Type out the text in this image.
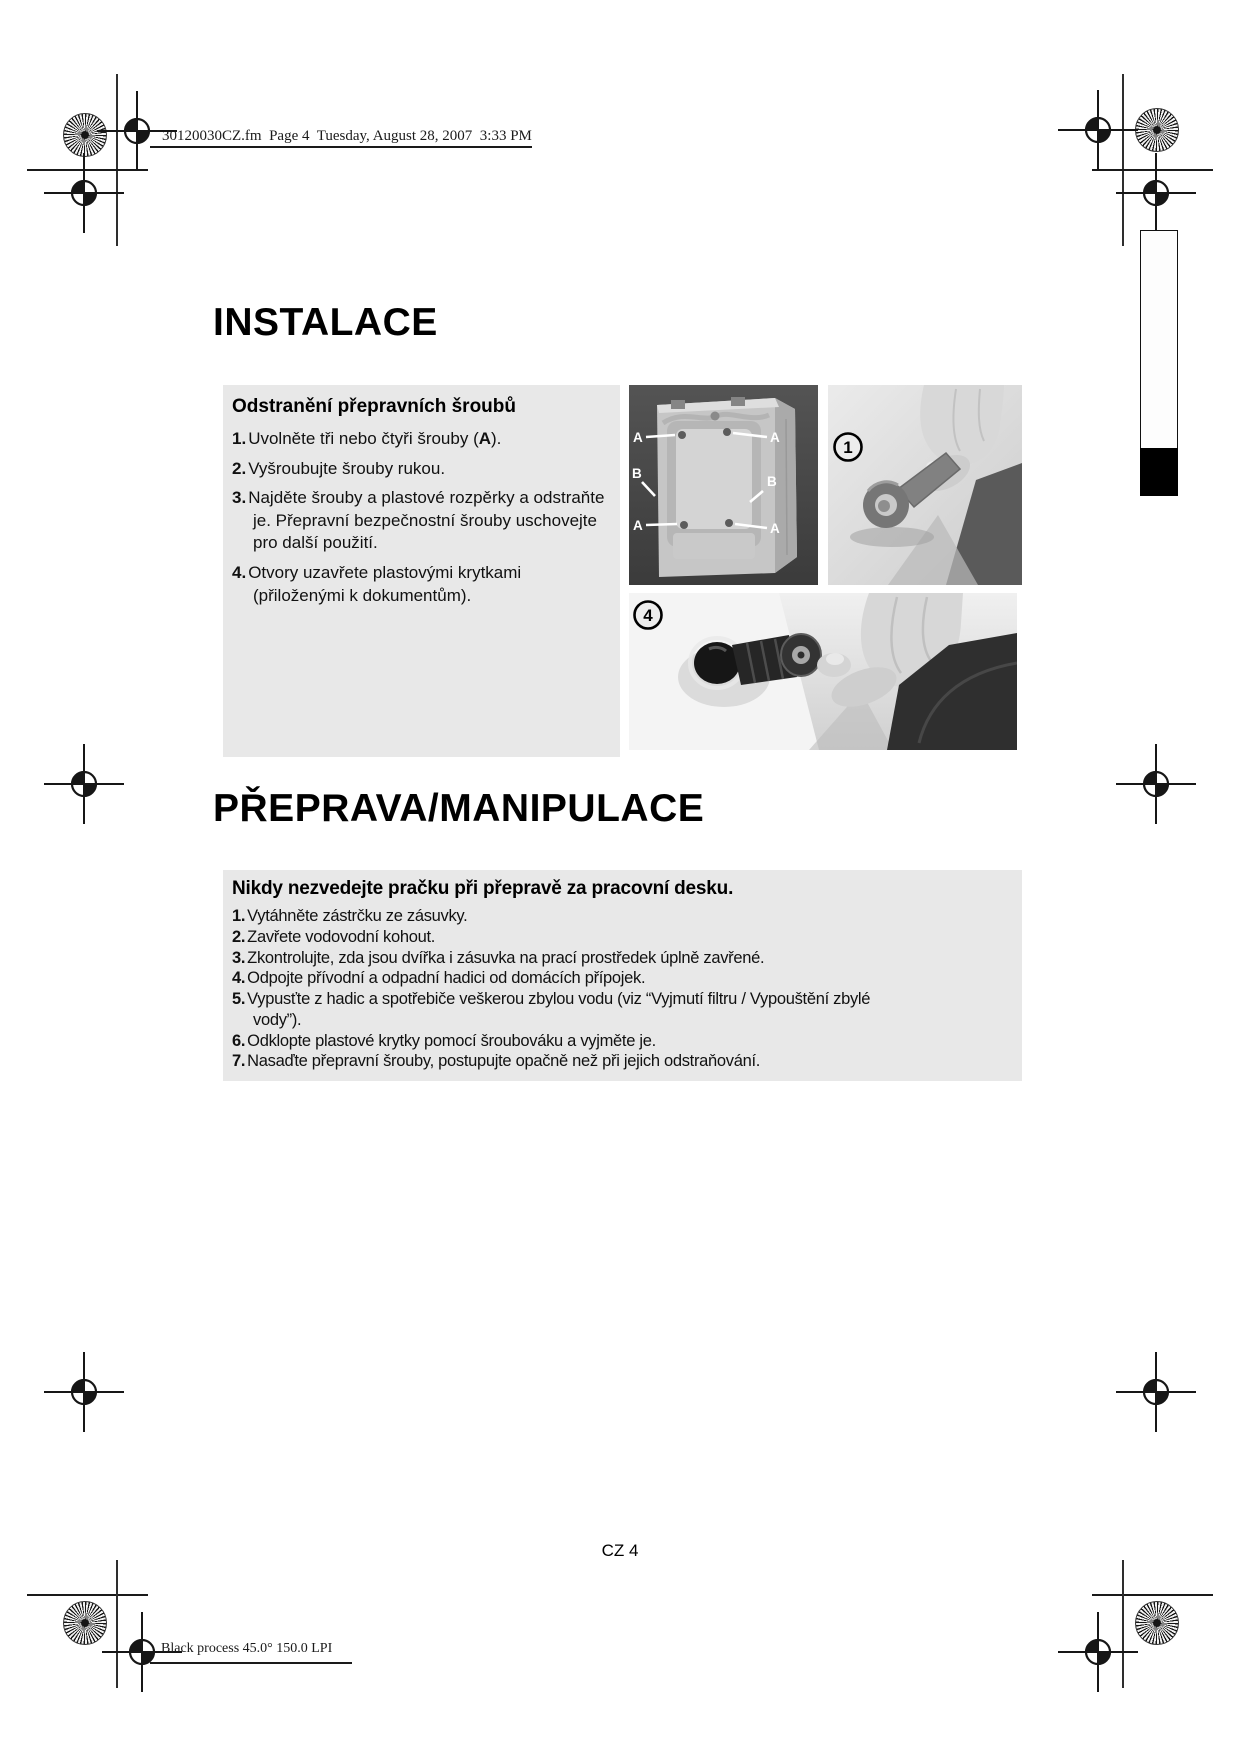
30120030CZ.fm  Page 4  Tuesday, August 28, 2007  3:33 PM
INSTALACE
Odstranění přepravních šroubů
1. Uvolněte tři nebo čtyři šrouby (A).
2. Vyšroubujte šrouby rukou.
3. Najděte šrouby a plastové rozpěrky a odstraňte je. Přepravní bezpečnostní šrouby uschovejte pro další použití.
4. Otvory uzavřete plastovými krytkami (přiloženými k dokumentům).
A	A
B
B
A	A
1
4
PŘEPRAVA/MANIPULACE
Nikdy nezvedejte pračku při přepravě za pracovní desku.
1. Vytáhněte zástrčku ze zásuvky.
2. Zavřete vodovodní kohout.
3. Zkontrolujte, zda jsou dvířka i zásuvka na prací prostředek úplně zavřené.
4. Odpojte přívodní a odpadní hadici od domácích přípojek.
5. Vypusťte z hadic a spotřebiče veškerou zbylou vodu (viz “Vyjmutí filtru / Vypouštění zbylé vody”).
6. Odklopte plastové krytky pomocí šroubováku a vyjměte je.
7. Nasaďte přepravní šrouby, postupujte opačně než při jejich odstraňování.
CZ 4
Black process 45.0° 150.0 LPI
